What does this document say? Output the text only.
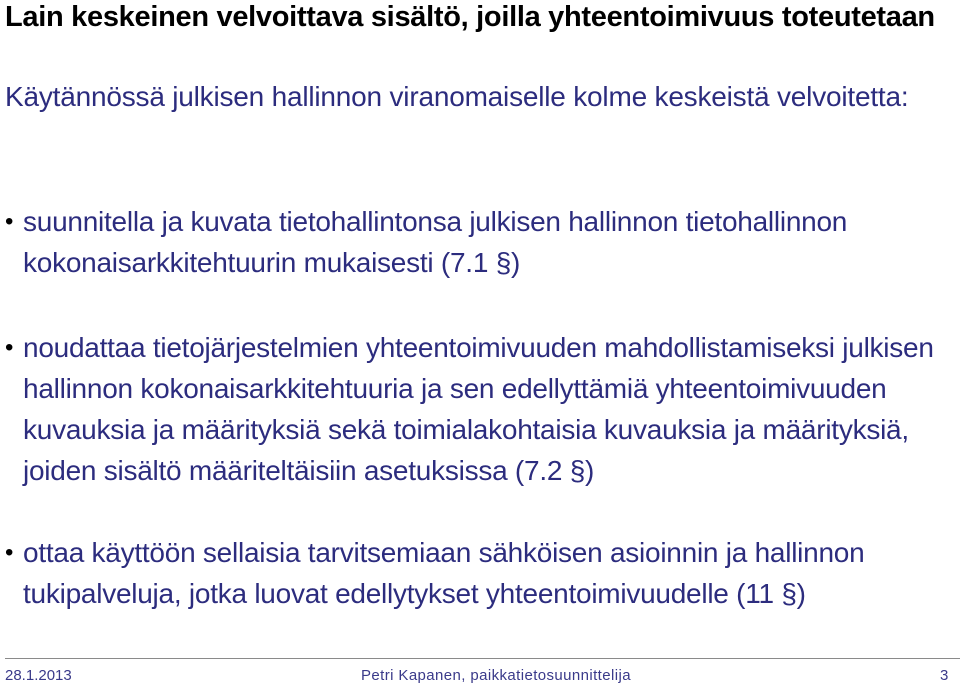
Lain keskeinen velvoittava sisältö, joilla yhteentoimivuus toteutetaan
Käytännössä julkisen hallinnon viranomaiselle kolme keskeistä velvoitetta:
• suunnitella ja kuvata tietohallintonsa julkisen hallinnon tietohallinnon kokonaisarkkitehtuurin mukaisesti (7.1 §)
• noudattaa tietojärjestelmien yhteentoimivuuden mahdollistamiseksi julkisen hallinnon kokonaisarkkitehtuuria ja sen edellyttämiä yhteentoimivuuden kuvauksia ja määrityksiä sekä toimialakohtaisia kuvauksia ja määrityksiä, joiden sisältö määriteltäisiin asetuksissa (7.2 §)
• ottaa käyttöön sellaisia tarvitsemiaan sähköisen asioinnin ja hallinnon tukipalveluja, jotka luovat edellytykset yhteentoimivuudelle (11 §)
28.1.2013	Petri Kapanen, paikkatietosuunnittelija	3
